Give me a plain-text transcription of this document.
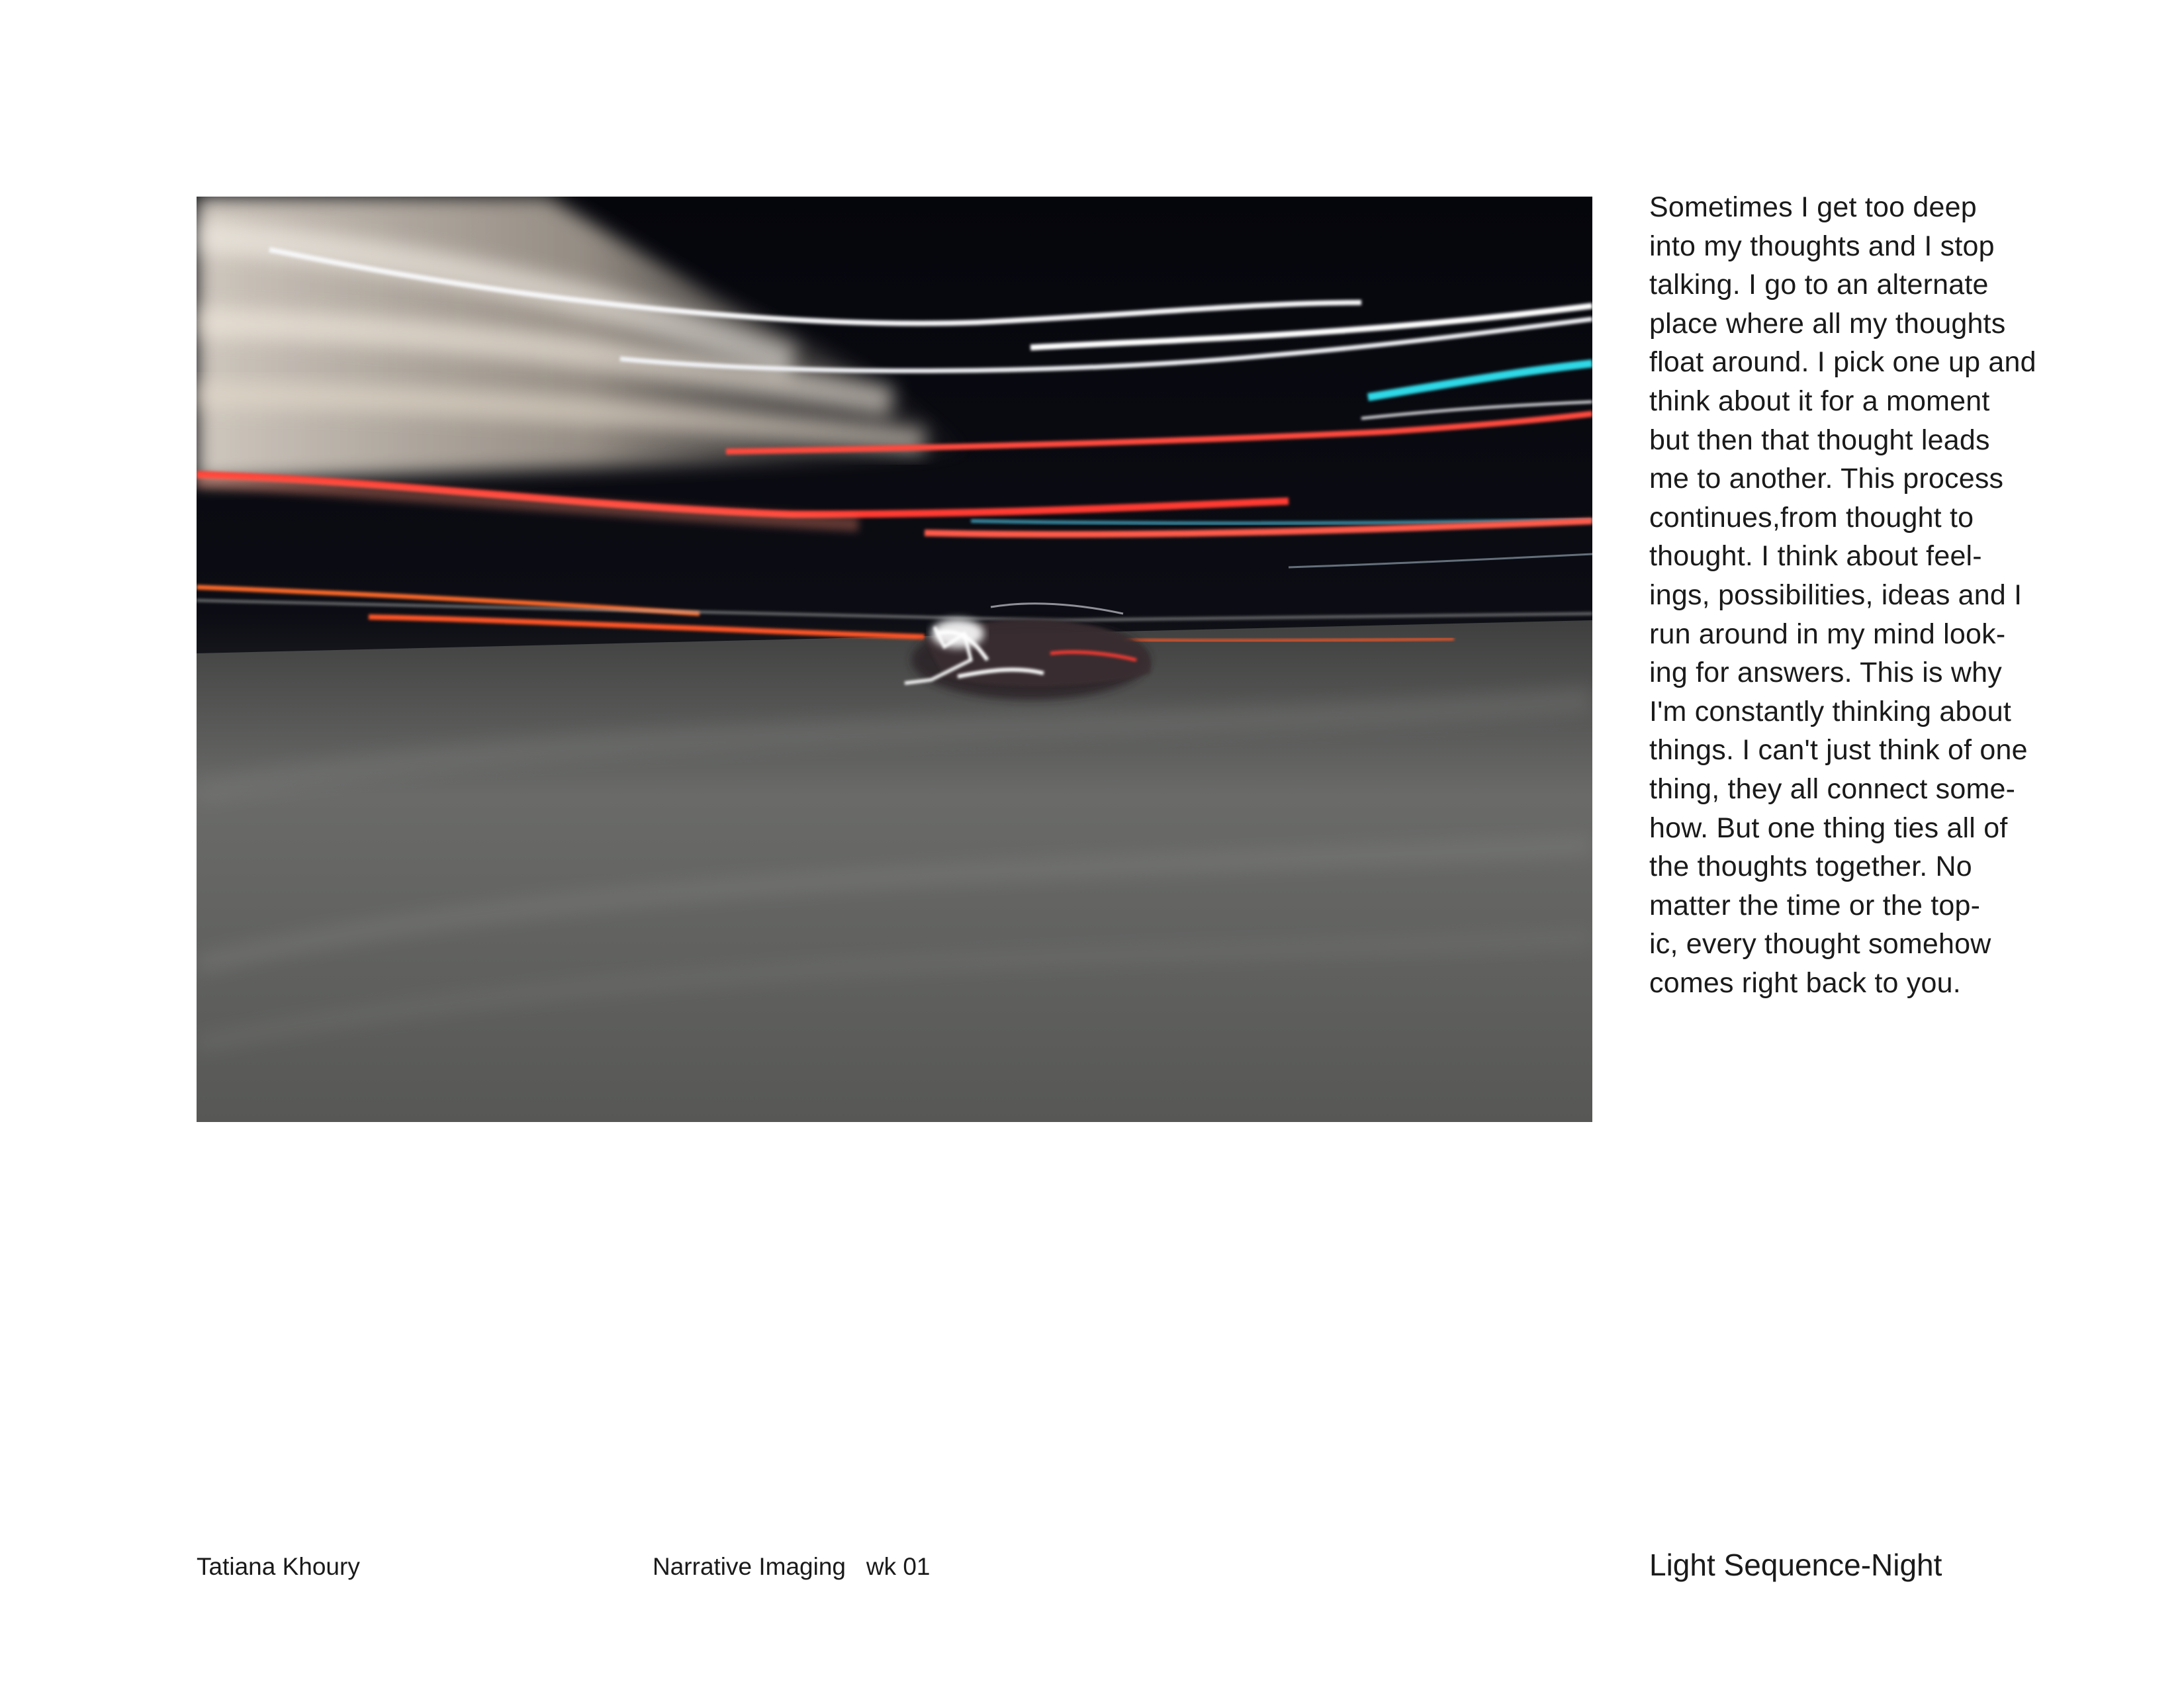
Sometimes I get too deep
into my thoughts and I stop
talking. I go to an alternate
place where all my thoughts
float around. I pick one up and
think about it for a moment
but then that thought leads
me to another. This process
continues,from thought to
thought. I think about feel-
ings, possibilities, ideas and I
run around in my mind look-
ing for answers. This is why
I'm constantly thinking about
things. I can't just think of one
thing, they all connect some-
how. But one thing ties all of
the thoughts together. No
matter the time or the top-
ic, every thought somehow
comes right back to you.

Tatiana Khoury	Narrative Imaging   wk 01	Light Sequence-Night
